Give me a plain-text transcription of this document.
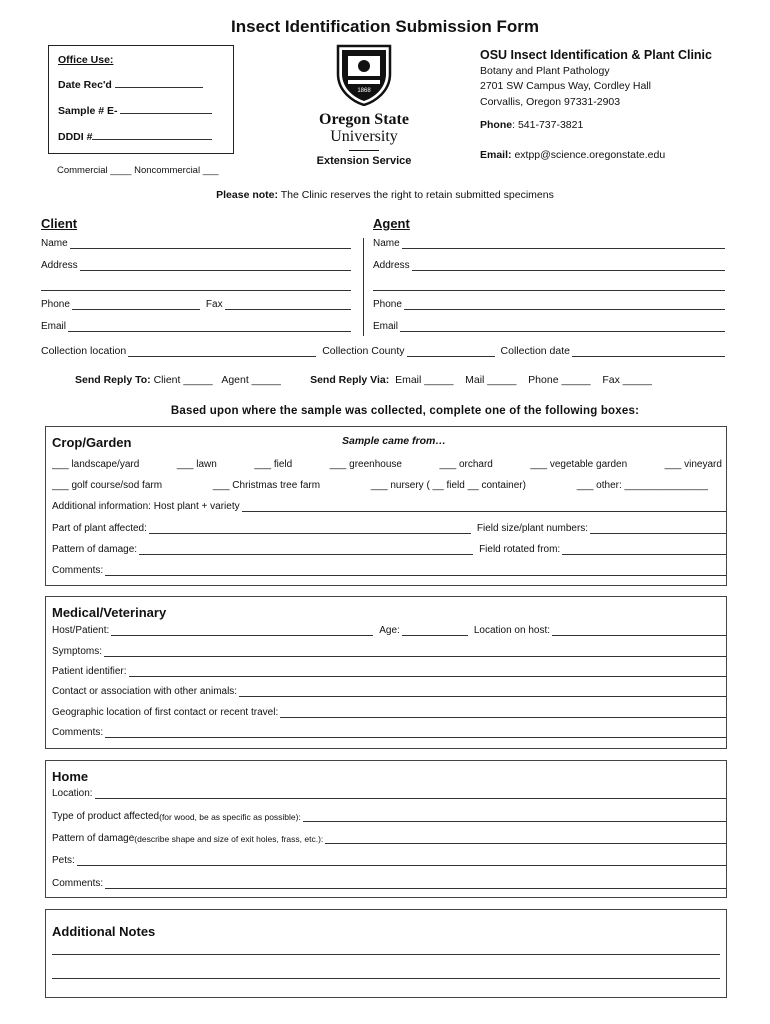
Insect Identification Submission Form
Office Use:
Date Rec'd
Sample # E-
DDDI #
Commercial ____ Noncommercial ___
1868
Oregon State
University
Extension Service
OSU Insect Identification & Plant Clinic
Botany and Plant Pathology
2701 SW Campus Way, Cordley Hall
Corvallis, Oregon 97331-2903
Phone: 541-737-3821
Email: extpp@science.oregonstate.edu
Please note: The Clinic reserves the right to retain submitted specimens
Client
Name
Address
Phone	Fax
Email
Agent
Name
Address
Phone
Email
Collection location	Collection County	Collection date
Send Reply To: Client _____ Agent _____	Send Reply Via: Email _____ Mail _____ Phone _____ Fax _____
Based upon where the sample was collected, complete one of the following boxes:
Crop/Garden	Sample came from…
___ landscape/yard	___ lawn	___ field	___ greenhouse	___ orchard	___ vegetable garden	___ vineyard
___ golf course/sod farm	___ Christmas tree farm	___ nursery ( __ field __ container)	___ other: _______________
Additional information: Host plant + variety
Part of plant affected:	Field size/plant numbers:
Pattern of damage:	Field rotated from:
Comments:
Medical/Veterinary
Host/Patient:	Age:	Location on host:
Symptoms:
Patient identifier:
Contact or association with other animals:
Geographic location of first contact or recent travel:
Comments:
Home
Location:
Type of product affected (for wood, be as specific as possible):
Pattern of damage (describe shape and size of exit holes, frass, etc.):
Pets:
Comments:
Additional Notes
